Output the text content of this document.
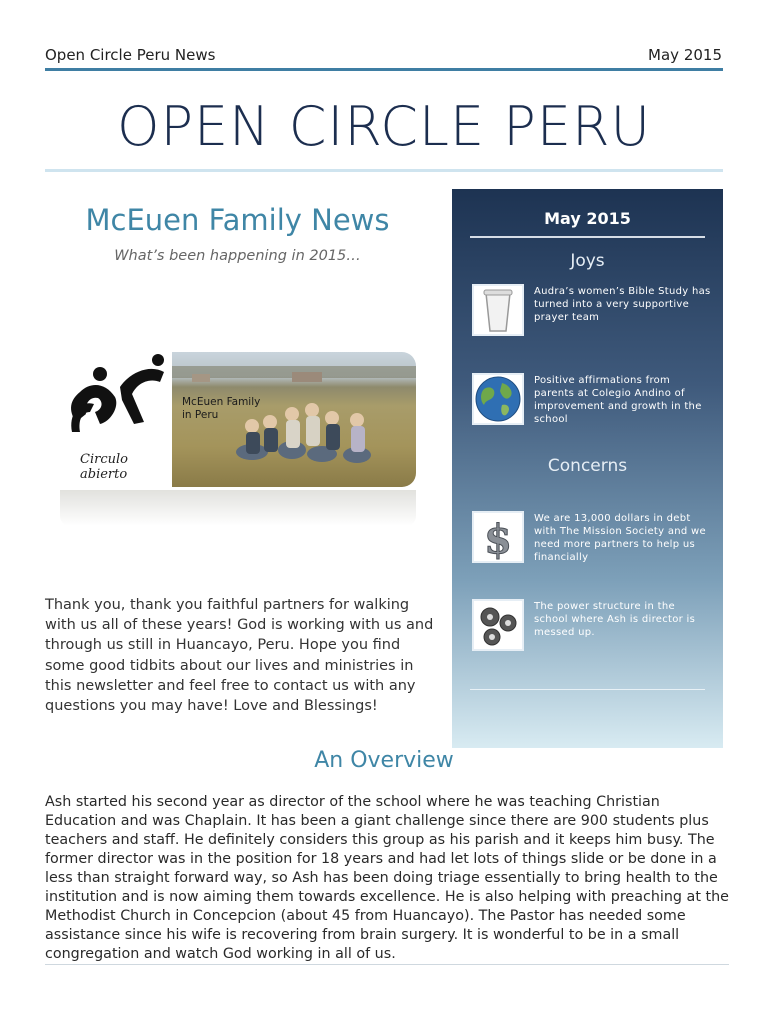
Open Circle Peru News	May 2015
OPEN CIRCLE PERU
McEuen Family News
What’s been happening in 2015…
Circulo abierto
McEuen Family
in Peru
Thank you, thank you faithful partners for walking with us all of these years! God is working with us and through us still in Huancayo, Peru. Hope you find some good tidbits about our lives and ministries in this newsletter and feel free to contact us with any questions you may have! Love and Blessings!
May 2015
Joys
Audra’s women’s Bible Study has turned into a very supportive prayer team
Positive affirmations from parents at Colegio Andino of improvement and growth in the school
Concerns
$ We are 13,000 dollars in debt with The Mission Society and we need more partners to help us financially
The power structure in the school where Ash is director is messed up.
An Overview
Ash started his second year as director of the school where he was teaching Christian Education and was Chaplain. It has been a giant challenge since there are 900 students plus teachers and staff. He definitely considers this group as his parish and it keeps him busy. The former director was in the position for 18 years and had let lots of things slide or be done in a less than straight forward way, so Ash has been doing triage essentially to bring health to the institution and is now aiming them towards excellence. He is also helping with preaching at the Methodist Church in Concepcion (about 45 from Huancayo). The Pastor has needed some assistance since his wife is recovering from brain surgery. It is wonderful to be in a small congregation and watch God working in all of us.
